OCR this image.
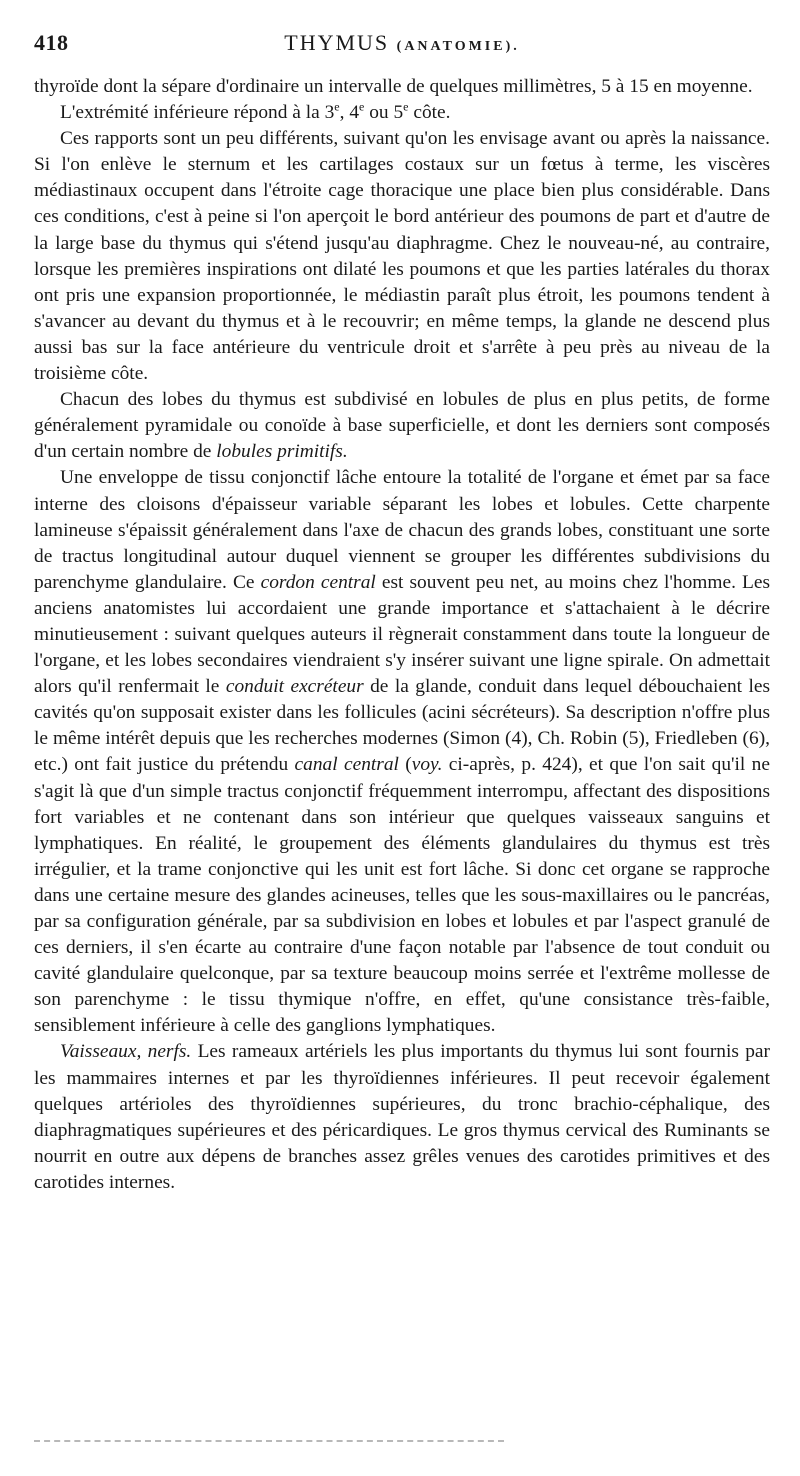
418	THYMUS (ANATOMIE).

thyroïde dont la sépare d'ordinaire un intervalle de quelques millimètres, 5 à 15 en moyenne.

L'extrémité inférieure répond à la 3e, 4e ou 5e côte.

Ces rapports sont un peu différents, suivant qu'on les envisage avant ou après la naissance. Si l'on enlève le sternum et les cartilages costaux sur un fœtus à terme, les viscères médiastinaux occupent dans l'étroite cage thoracique une place bien plus considérable. Dans ces conditions, c'est à peine si l'on aperçoit le bord antérieur des poumons de part et d'autre de la large base du thymus qui s'étend jusqu'au diaphragme. Chez le nouveau-né, au contraire, lorsque les premières inspirations ont dilaté les poumons et que les parties latérales du thorax ont pris une expansion proportionnée, le médiastin paraît plus étroit, les poumons tendent à s'avancer au devant du thymus et à le recouvrir; en même temps, la glande ne descend plus aussi bas sur la face antérieure du ventricule droit et s'arrête à peu près au niveau de la troisième côte.

Chacun des lobes du thymus est subdivisé en lobules de plus en plus petits, de forme généralement pyramidale ou conoïde à base superficielle, et dont les derniers sont composés d'un certain nombre de lobules primitifs.

Une enveloppe de tissu conjonctif lâche entoure la totalité de l'organe et émet par sa face interne des cloisons d'épaisseur variable séparant les lobes et lobules. Cette charpente lamineuse s'épaissit généralement dans l'axe de chacun des grands lobes, constituant une sorte de tractus longitudinal autour duquel viennent se grouper les différentes subdivisions du parenchyme glandulaire. Ce cordon central est souvent peu net, au moins chez l'homme. Les anciens anatomistes lui accordaient une grande importance et s'attachaient à le décrire minutieusement : suivant quelques auteurs il règnerait constamment dans toute la longueur de l'organe, et les lobes secondaires viendraient s'y insérer suivant une ligne spirale. On admettait alors qu'il renfermait le conduit excréteur de la glande, conduit dans lequel débouchaient les cavités qu'on supposait exister dans les follicules (acini sécréteurs). Sa description n'offre plus le même intérêt depuis que les recherches modernes (Simon (4), Ch. Robin (5), Friedleben (6), etc.) ont fait justice du prétendu canal central (voy. ci-après, p. 424), et que l'on sait qu'il ne s'agit là que d'un simple tractus conjonctif fréquemment interrompu, affectant des dispositions fort variables et ne contenant dans son intérieur que quelques vaisseaux sanguins et lymphatiques. En réalité, le groupement des éléments glandulaires du thymus est très irrégulier, et la trame conjonctive qui les unit est fort lâche. Si donc cet organe se rapproche dans une certaine mesure des glandes acineuses, telles que les sous-maxillaires ou le pancréas, par sa configuration générale, par sa subdivision en lobes et lobules et par l'aspect granulé de ces derniers, il s'en écarte au contraire d'une façon notable par l'absence de tout conduit ou cavité glandulaire quelconque, par sa texture beaucoup moins serrée et l'extrême mollesse de son parenchyme : le tissu thymique n'offre, en effet, qu'une consistance très-faible, sensiblement inférieure à celle des ganglions lymphatiques.

Vaisseaux, nerfs. Les rameaux artériels les plus importants du thymus lui sont fournis par les mammaires internes et par les thyroïdiennes inférieures. Il peut recevoir également quelques artérioles des thyroïdiennes supérieures, du tronc brachio-céphalique, des diaphragmatiques supérieures et des péricardiques. Le gros thymus cervical des Ruminants se nourrit en outre aux dépens de branches assez grêles venues des carotides primitives et des carotides internes.
